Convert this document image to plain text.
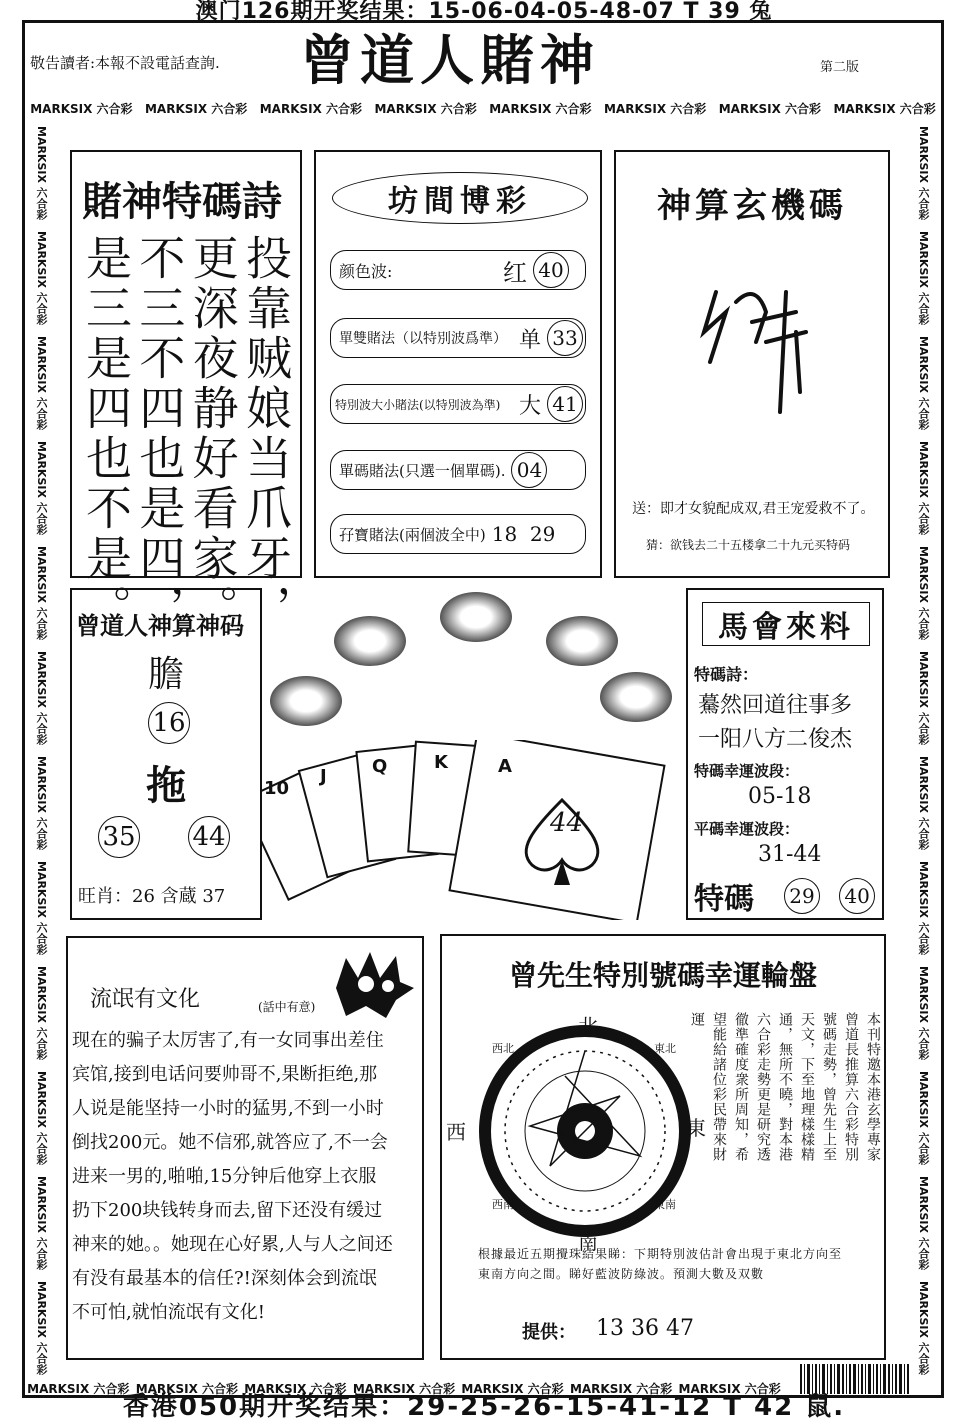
澳门126期开奖结果：15-06-04-05-48-07 T 39 兔
敬告讀者:本報不設電話查詢. 曾道人賭神	第二版
MARKSIX 六合彩 MARKSIX 六合彩 MARKSIX 六合彩 MARKSIX 六合彩 MARKSIX 六合彩 MARKSIX 六合彩 MARKSIX 六合彩 MARKSIX 六合彩
MARKSIX 六合彩 MARKSIX 六合彩 MARKSIX 六合彩 MARKSIX 六合彩 MARKSIX 六合彩 MARKSIX 六合彩 MARKSIX 六合彩
MARKSIX 六合彩
MARKSIX 六合彩
MARKSIX 六合彩
MARKSIX 六合彩
MARKSIX 六合彩
MARKSIX 六合彩
MARKSIX 六合彩
MARKSIX 六合彩
MARKSIX 六合彩
MARKSIX 六合彩
MARKSIX 六合彩
MARKSIX 六合彩
MARKSIX 六合彩
MARKSIX 六合彩
MARKSIX 六合彩
MARKSIX 六合彩
MARKSIX 六合彩
MARKSIX 六合彩
MARKSIX 六合彩
MARKSIX 六合彩
MARKSIX 六合彩
MARKSIX 六合彩
MARKSIX 六合彩
MARKSIX 六合彩
賭神特碼詩
投靠贼娘当爪牙，
更深夜静好看家。
不三不四也是四，
是三是四也不是。
坊間博彩
颜色波:	红 40
單雙賭法（以特別波爲準） 单 33
特別波大小賭法(以特別波為準) 大 41
單碼賭法(只選一個單碼). 04
孖寶賭法(兩個波全中) 18  29
神算玄機碼
送：即才女貌配成双,君王宠爱救不了。
猜：欲钱去二十五楼拿二十九元买特码
曾道人神算神码
膽
16
拖
35 44
旺肖：26 含蔵 37
10
J	Q	K	A
44
馬會來料
特碼詩：
驀然回道往事多
一阳八方二俊杰
特碼幸運波段：
05-18
平碼幸運波段：
31-44
特碼	29 40
流氓有文化	(話中有意)

现在的骗子太厉害了,有一女同事出差住

宾馆,接到电话问要帅哥不,果断拒绝,那

人说是能坚持一小时的猛男,不到一小时

倒找200元。她不信邪,就答应了,不一会

进来一男的,啪啪,15分钟后他穿上衣服

扔下200块钱转身而去,留下还没有缓过

神来的她。。她现在心好累,人与人之间还

有没有最基本的信任?!深刻体会到流氓

不可怕,就怕流氓有文化!

曾先生特別號碼幸運輪盤
北
南
東
西
西北	東北
西南	東南
本刊特邀本港玄學專家
曾道長推算六合彩特別
號碼走勢，曾先生上至
天文，下至地理樣樣精
通，無所不曉，對本港
六合彩走勢更是研究透
徹準確度衆所周知，希
望能給諸位彩民帶來財
運
根據最近五期攪珠結果睇：下期特別波估計會出現于東北方向至東南方向之間。睇好藍波防綠波。預測大數及双數
提供： 13 36 47
香港050期开奖结果：29-25-26-15-41-12 T 42 鼠.
